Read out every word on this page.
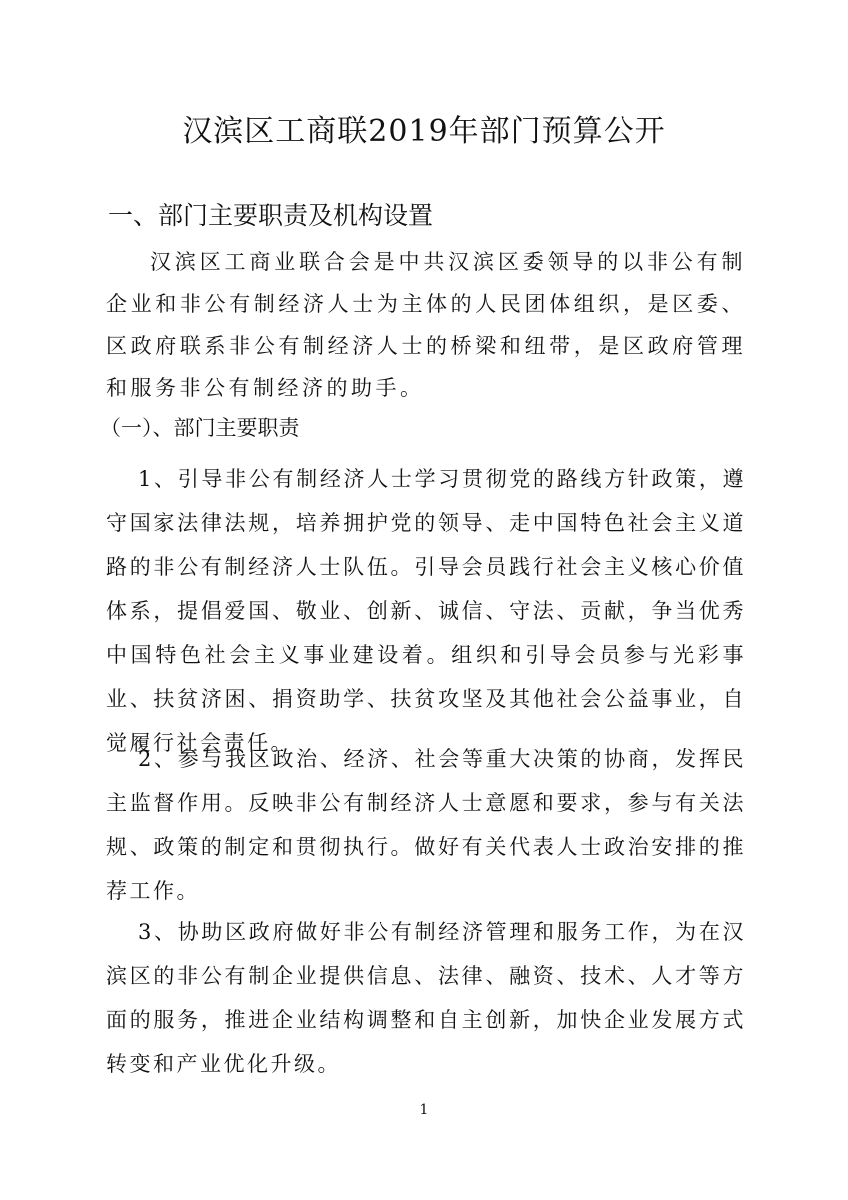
汉滨区工商联2019年部门预算公开
一、部门主要职责及机构设置

汉滨区工商业联合会是中共汉滨区委领导的以非公有制企业和非公有制经济人士为主体的人民团体组织，是区委、区政府联系非公有制经济人士的桥梁和纽带，是区政府管理和服务非公有制经济的助手。

（一）、部门主要职责

1、引导非公有制经济人士学习贯彻党的路线方针政策，遵守国家法律法规，培养拥护党的领导、走中国特色社会主义道路的非公有制经济人士队伍。引导会员践行社会主义核心价值体系，提倡爱国、敬业、创新、诚信、守法、贡献，争当优秀中国特色社会主义事业建设着。组织和引导会员参与光彩事业、扶贫济困、捐资助学、扶贫攻坚及其他社会公益事业，自觉履行社会责任。

2、参与我区政治、经济、社会等重大决策的协商，发挥民主监督作用。反映非公有制经济人士意愿和要求，参与有关法规、政策的制定和贯彻执行。做好有关代表人士政治安排的推荐工作。

3、协助区政府做好非公有制经济管理和服务工作，为在汉滨区的非公有制企业提供信息、法律、融资、技术、人才等方面的服务，推进企业结构调整和自主创新，加快企业发展方式转变和产业优化升级。

1
